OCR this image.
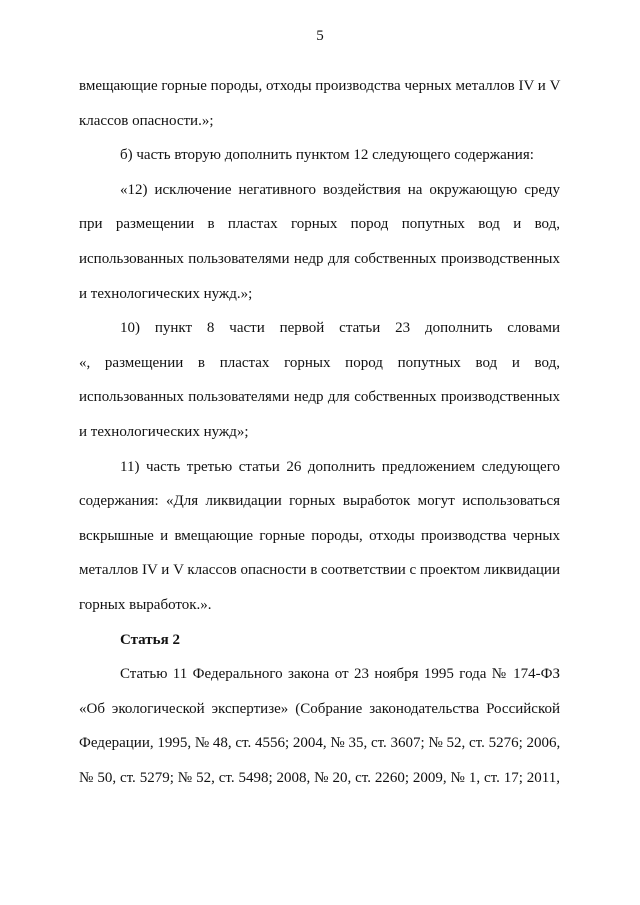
5
вмещающие горные породы, отходы производства черных металлов IV и V
классов опасности.»;
б) часть вторую дополнить пунктом 12 следующего содержания:
«12) исключение негативного воздействия на окружающую среду
при размещении в пластах горных пород попутных вод и вод,
использованных пользователями недр для собственных производственных
и технологических нужд.»;
10) пункт 8 части первой статьи 23 дополнить словами
«, размещении в пластах горных пород попутных вод и вод,
использованных пользователями недр для собственных производственных
и технологических нужд»;
11) часть третью статьи 26 дополнить предложением следующего
содержания: «Для ликвидации горных выработок могут использоваться
вскрышные и вмещающие горные породы, отходы производства черных
металлов IV и V классов опасности в соответствии с проектом ликвидации
горных выработок.».
Статья 2
Статью 11 Федерального закона от 23 ноября 1995 года № 174-ФЗ
«Об экологической экспертизе» (Собрание законодательства Российской
Федерации, 1995, № 48, ст. 4556; 2004, № 35, ст. 3607; № 52, ст. 5276; 2006,
№ 50, ст. 5279; № 52, ст. 5498; 2008, № 20, ст. 2260; 2009, № 1, ст. 17; 2011,
